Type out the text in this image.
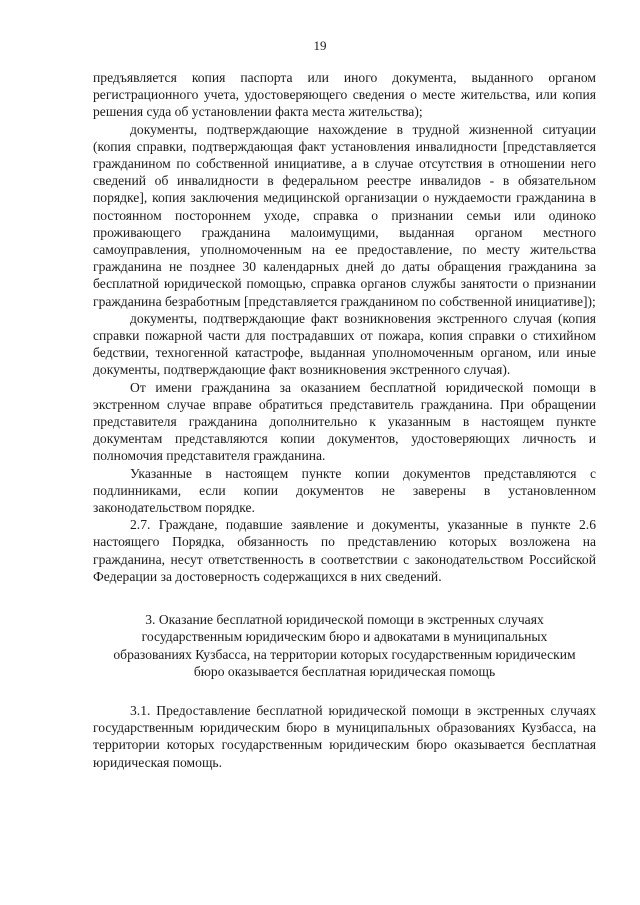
19

предъявляется копия паспорта или иного документа, выданного органом регистрационного учета, удостоверяющего сведения о месте жительства, или копия решения суда об установлении факта места жительства);

документы, подтверждающие нахождение в трудной жизненной ситуации (копия справки, подтверждающая факт установления инвалидности [представляется гражданином по собственной инициативе, а в случае отсутствия в отношении него сведений об инвалидности в федеральном реестре инвалидов - в обязательном порядке], копия заключения медицинской организации о нуждаемости гражданина в постоянном постороннем уходе, справка о признании семьи или одиноко проживающего гражданина малоимущими, выданная органом местного самоуправления, уполномоченным на ее предоставление, по месту жительства гражданина не позднее 30 календарных дней до даты обращения гражданина за бесплатной юридической помощью, справка органов службы занятости о признании гражданина безработным [представляется гражданином по собственной инициативе]);

документы, подтверждающие факт возникновения экстренного случая (копия справки пожарной части для пострадавших от пожара, копия справки о стихийном бедствии, техногенной катастрофе, выданная уполномоченным органом, или иные документы, подтверждающие факт возникновения экстренного случая).

От имени гражданина за оказанием бесплатной юридической помощи в экстренном случае вправе обратиться представитель гражданина. При обращении представителя гражданина дополнительно к указанным в настоящем пункте документам представляются копии документов, удостоверяющих личность и полномочия представителя гражданина.

Указанные в настоящем пункте копии документов представляются с подлинниками, если копии документов не заверены в установленном законодательством порядке.

2.7. Граждане, подавшие заявление и документы, указанные в пункте 2.6 настоящего Порядка, обязанность по представлению которых возложена на гражданина, несут ответственность в соответствии с законодательством Российской Федерации за достоверность содержащихся в них сведений.

3. Оказание бесплатной юридической помощи в экстренных случаях государственным юридическим бюро и адвокатами в муниципальных образованиях Кузбасса, на территории которых государственным юридическим бюро оказывается бесплатная юридическая помощь

3.1. Предоставление бесплатной юридической помощи в экстренных случаях государственным юридическим бюро в муниципальных образованиях Кузбасса, на территории которых государственным юридическим бюро оказывается бесплатная юридическая помощь.
